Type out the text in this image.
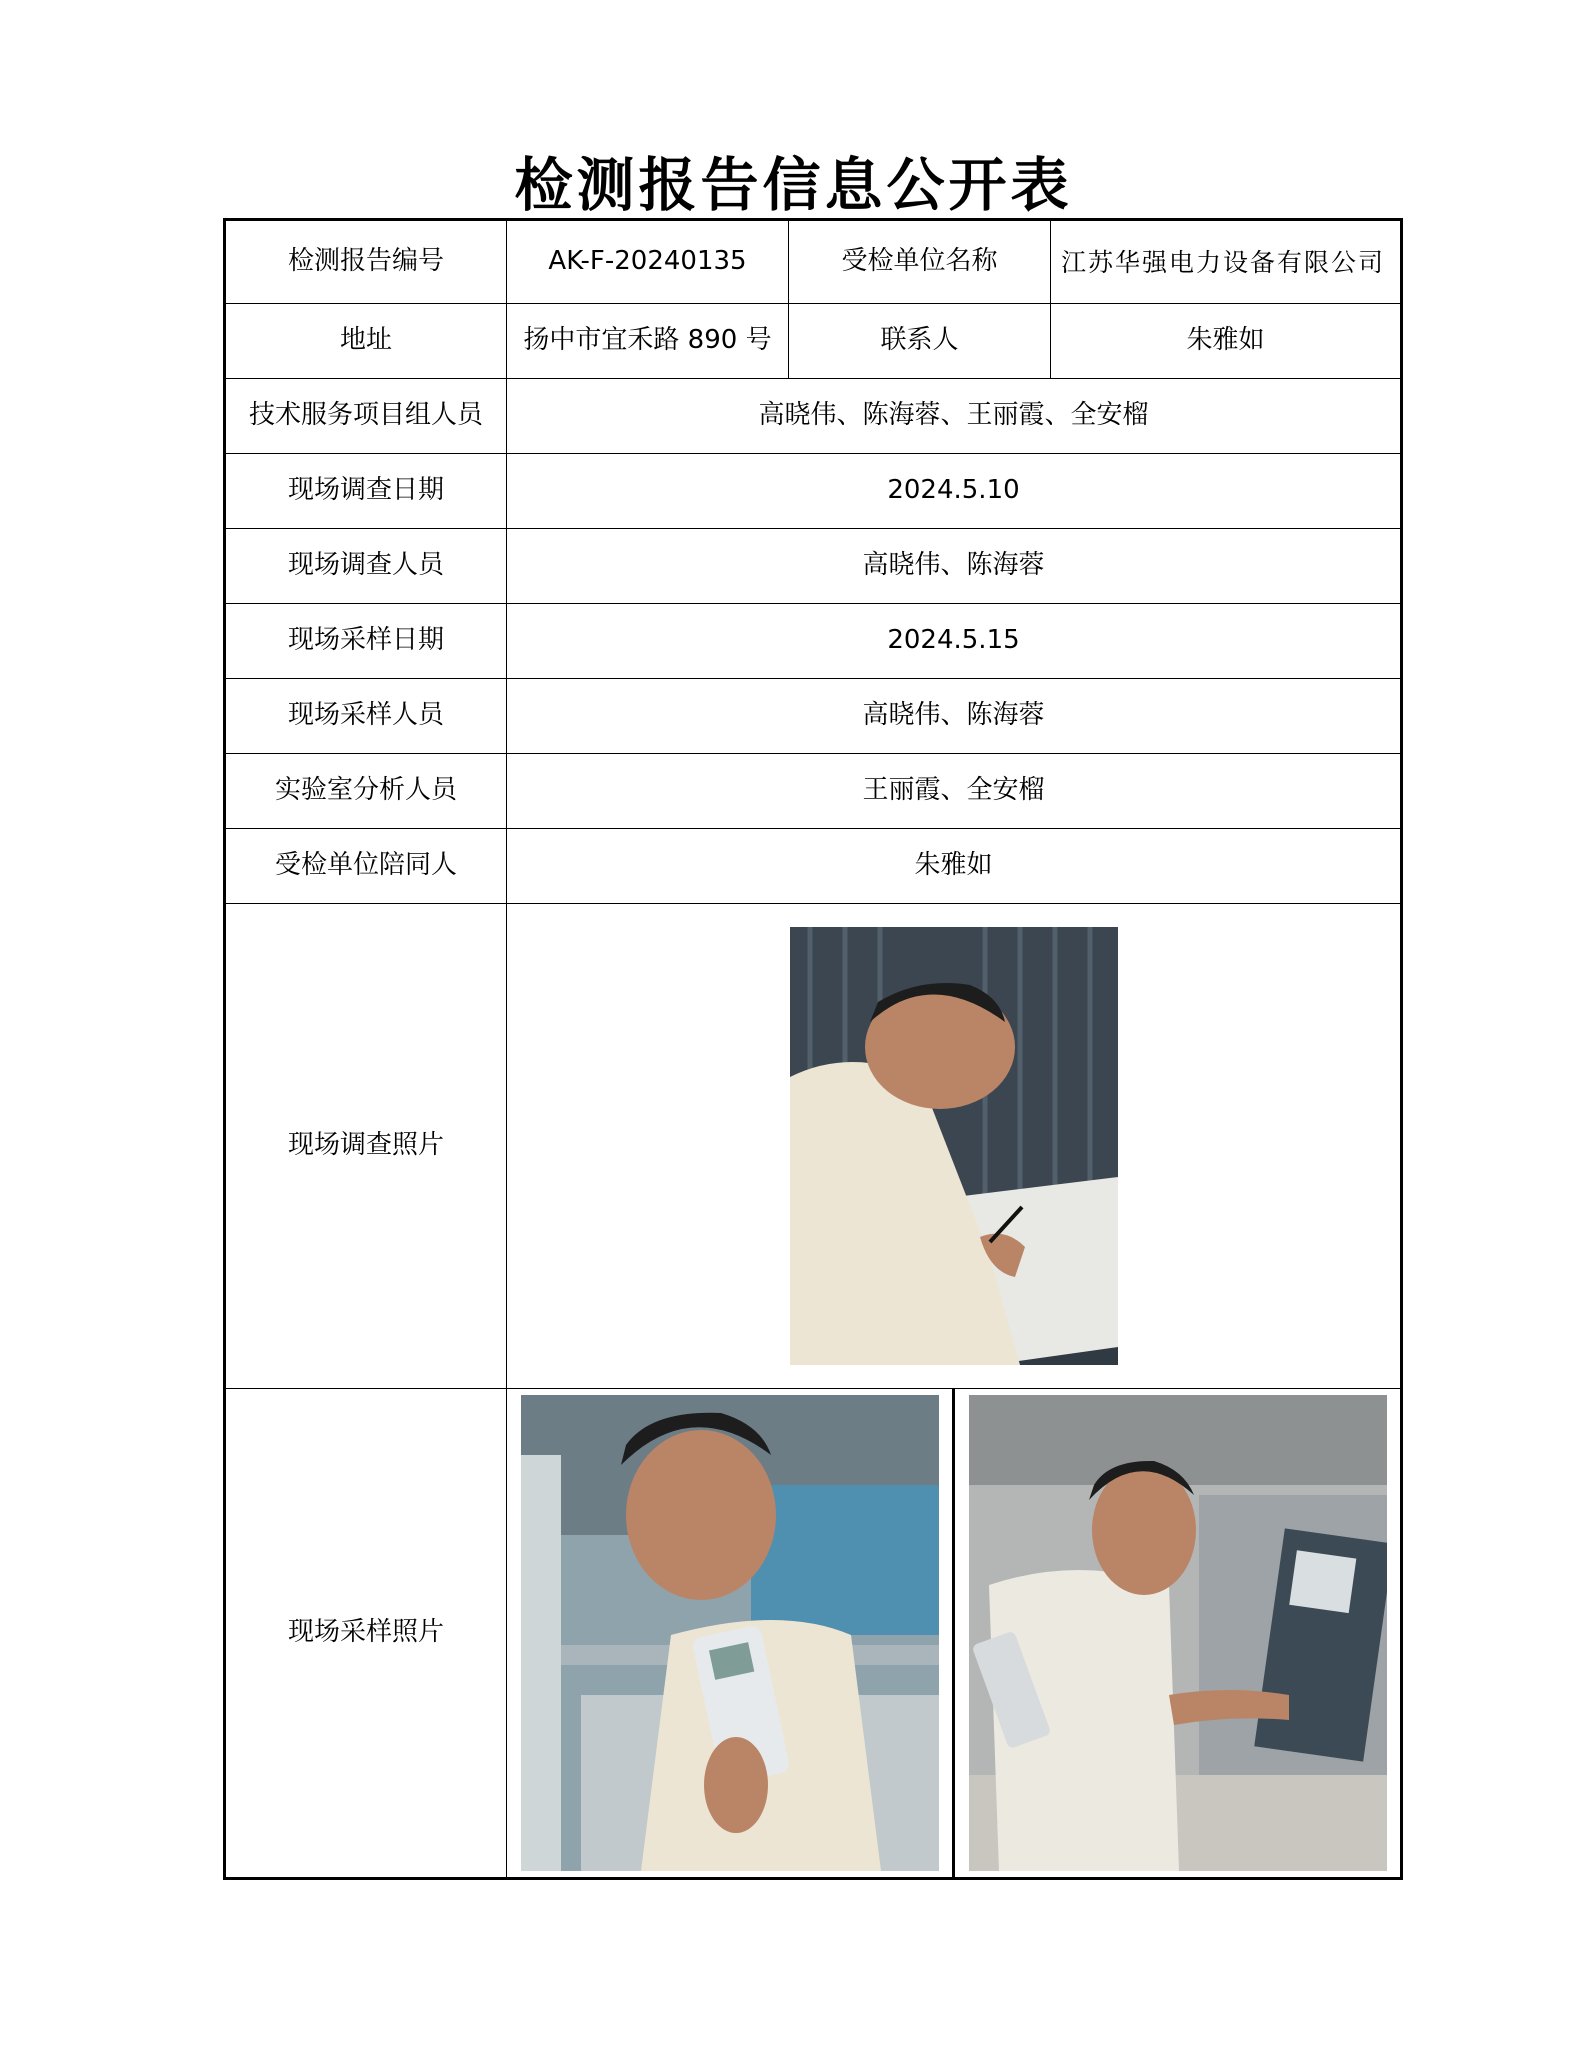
检测报告信息公开表
检测报告编号	AK-F-20240135	受检单位名称	江苏华强电力设备有限公司
地址	扬中市宜禾路 890 号	联系人	朱雅如
技术服务项目组人员	高晓伟、陈海蓉、王丽霞、全安榴		
现场调查日期	2024.5.10		
现场调查人员	高晓伟、陈海蓉		
现场采样日期	2024.5.15		
现场采样人员	高晓伟、陈海蓉		
实验室分析人员	王丽霞、全安榴		
受检单位陪同人	朱雅如		
现场调查照片	

现场采样照片	
